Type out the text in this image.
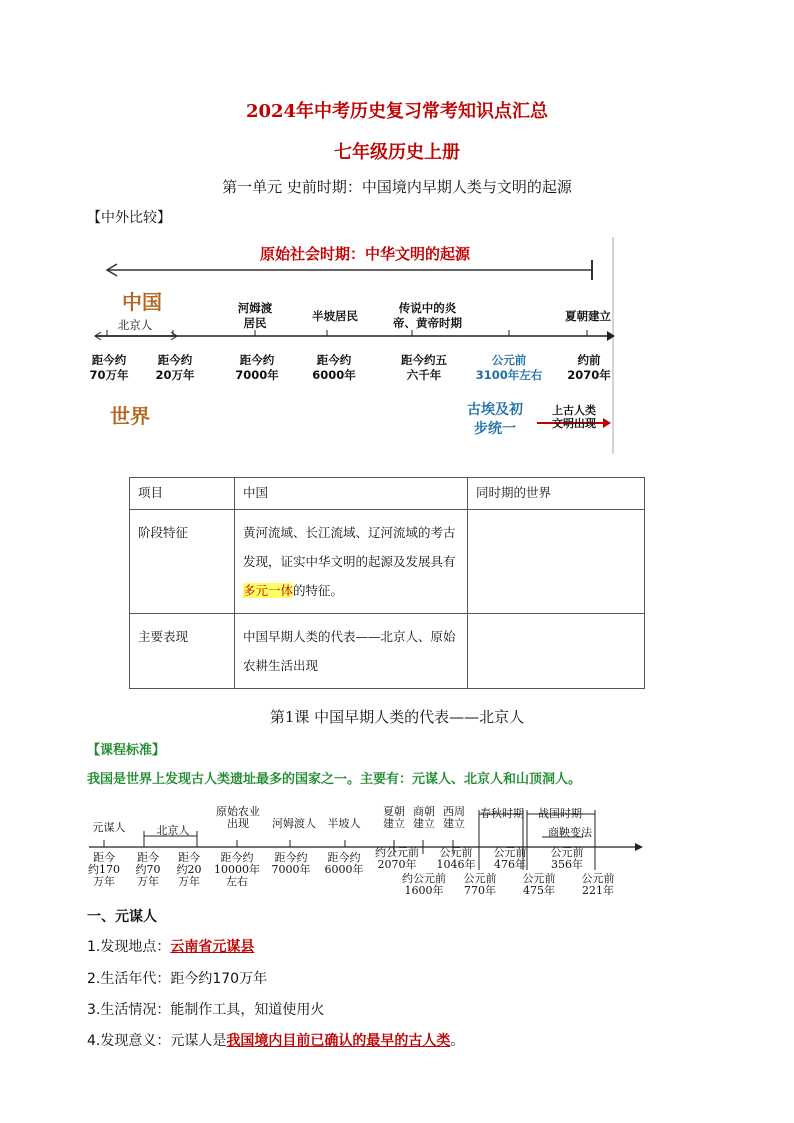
2024年中考历史复习常考知识点汇总
七年级历史上册
第一单元 史前时期：中国境内早期人类与文明的起源
【中外比较】
原始社会时期：中华文明的起源
中国
世界
北京人
河姆渡
居民	半坡居民
传说中的炎
帝、黄帝时期	夏朝建立
距今约
70万年
距今约
20万年
距今约
7000年
距今约
6000年
距今约五
六千年
公元前
3100年左右
约前
2070年
古埃及初
步统一
上古人类
文明出现
项目	中国	同时期的世界
阶段特征	黄河流域、长江流域、辽河流域的考古发现，证实中华文明的起源及发展具有多元一体的特征。	
主要表现	中国早期人类的代表——北京人、原始农耕生活出现	
第1课 中国早期人类的代表——北京人
【课程标准】
我国是世界上发现古人类遗址最多的国家之一。主要有：元谋人、北京人和山顶洞人。
元谋人	北京人
原始农业
出现	河姆渡人	半坡人
夏朝
建立
商朝
建立
西周
建立
春秋时期	战国时期
商鞅变法
距今
约170
万年
距今
约70
万年
距今
约20
万年
距今约
10000年
左右
距今约
7000年
距今约
6000年
约公元前
2070年
公元前
1046年
公元前
476年
公元前
356年
约公元前
1600年
公元前
770年
公元前
475年
公元前
221年
一、元谋人
1.发现地点：云南省元谋县
2.生活年代：距今约170万年
3.生活情况：能制作工具，知道使用火
4.发现意义：元谋人是我国境内目前已确认的最早的古人类。
